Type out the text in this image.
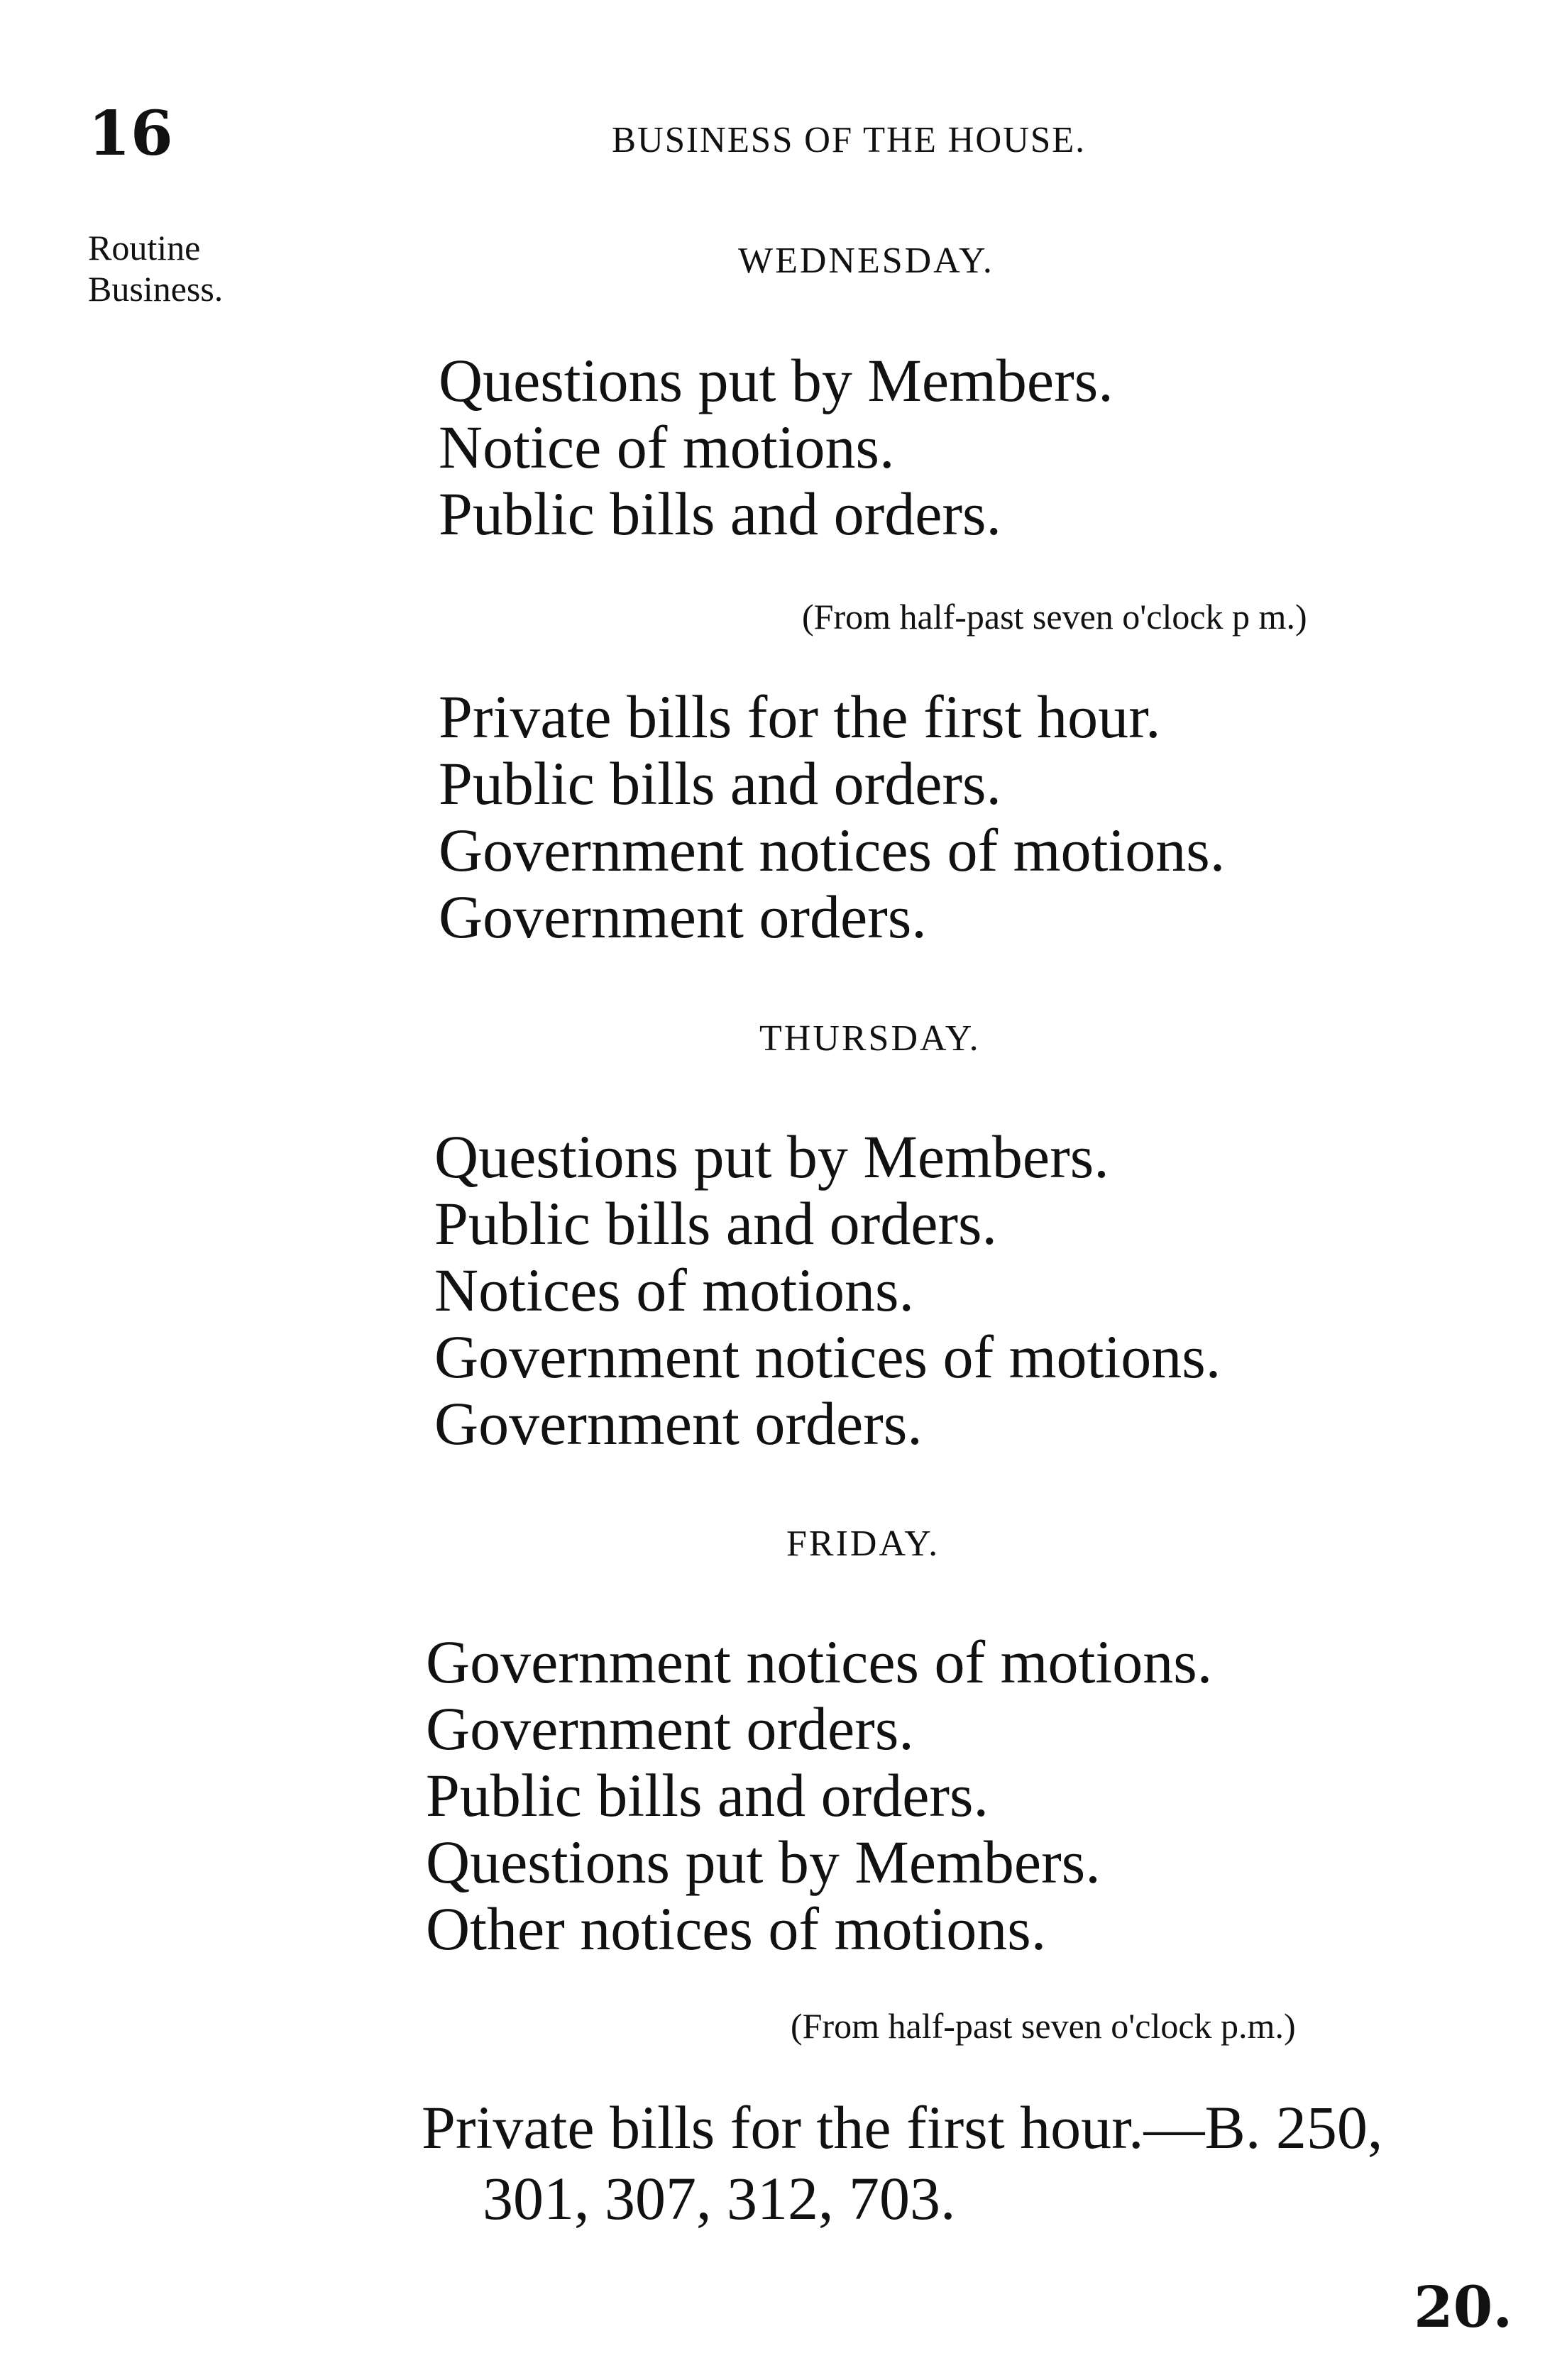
16	BUSINESS OF THE HOUSE.
Routine
Business.
WEDNESDAY.
Questions put by Members.
Notice of motions.
Public bills and orders.
(From half-past seven o'clock p m.)
Private bills for the first hour.
Public bills and orders.
Government notices of motions.
Government orders.
THURSDAY.
Questions put by Members.
Public bills and orders.
Notices of motions.
Government notices of motions.
Government orders.
FRIDAY.
Government notices of motions.
Government orders.
Public bills and orders.
Questions put by Members.
Other notices of motions.
(From half-past seven o'clock p.m.)
Private bills for the first hour.—B. 250,
301, 307, 312, 703.
20.
